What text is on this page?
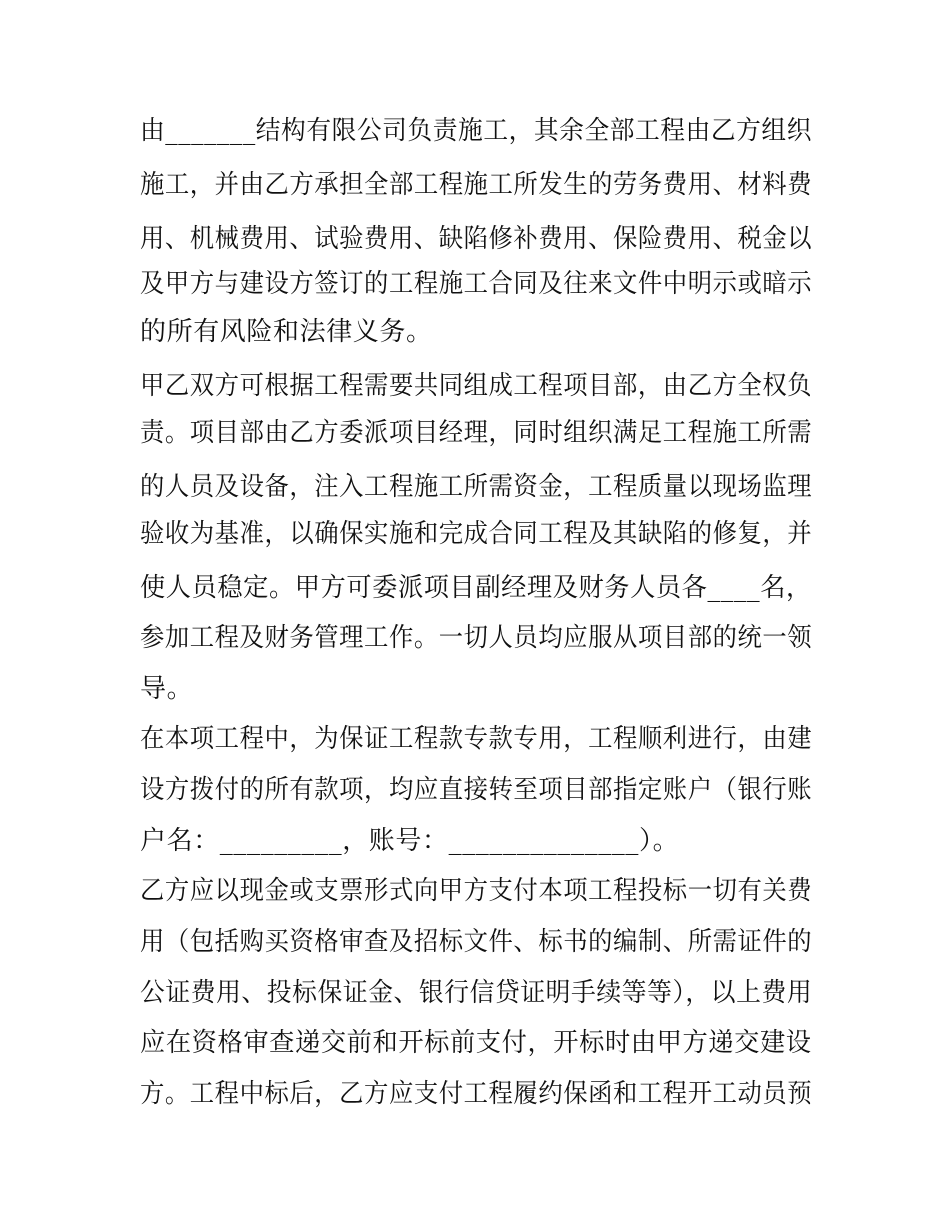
由_______结构有限公司负责施工，其余全部工程由乙方组织
施工，并由乙方承担全部工程施工所发生的劳务费用、材料费
用、机械费用、试验费用、缺陷修补费用、保险费用、税金以
及甲方与建设方签订的工程施工合同及往来文件中明示或暗示
的所有风险和法律义务。
甲乙双方可根据工程需要共同组成工程项目部，由乙方全权负
责。项目部由乙方委派项目经理，同时组织满足工程施工所需
的人员及设备，注入工程施工所需资金，工程质量以现场监理
验收为基准，以确保实施和完成合同工程及其缺陷的修复，并
使人员稳定。甲方可委派项目副经理及财务人员各____名，
参加工程及财务管理工作。一切人员均应服从项目部的统一领
导。
在本项工程中，为保证工程款专款专用，工程顺利进行，由建
设方拨付的所有款项，均应直接转至项目部指定账户（银行账
户名：_________，账号：______________）。
乙方应以现金或支票形式向甲方支付本项工程投标一切有关费
用（包括购买资格审查及招标文件、标书的编制、所需证件的
公证费用、投标保证金、银行信贷证明手续等等），以上费用
应在资格审查递交前和开标前支付，开标时由甲方递交建设
方。工程中标后，乙方应支付工程履约保函和工程开工动员预
